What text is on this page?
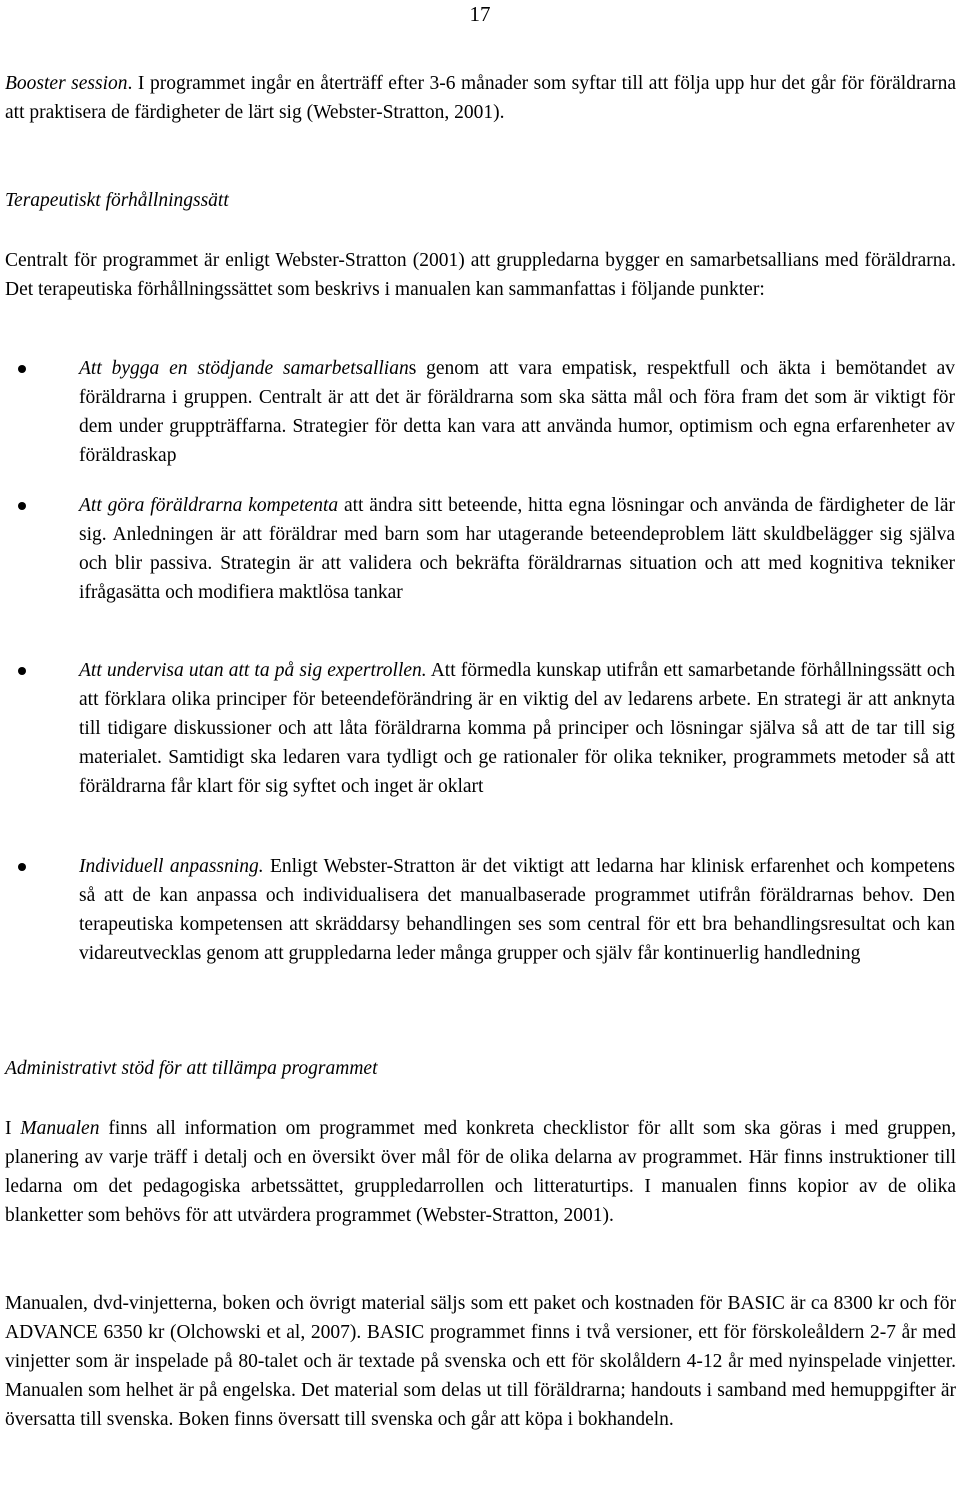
17

Booster session. I programmet ingår en återträff efter 3-6 månader som syftar till att följa upp hur det går för föräldrarna att praktisera de färdigheter de lärt sig (Webster-Stratton, 2001).

Terapeutiskt förhållningssätt

Centralt för programmet är enligt Webster-Stratton (2001) att gruppledarna bygger en samarbetsallians med föräldrarna. Det terapeutiska förhållningssättet som beskrivs i manualen kan sammanfattas i följande punkter:

Att bygga en stödjande samarbetsallians genom att vara empatisk, respektfull och äkta i bemötandet av föräldrarna i gruppen. Centralt är att det är föräldrarna som ska sätta mål och föra fram det som är viktigt för dem under gruppträffarna. Strategier för detta kan vara att använda humor, optimism och egna erfarenheter av föräldraskap
Att göra föräldrarna kompetenta att ändra sitt beteende, hitta egna lösningar och använda de färdigheter de lär sig. Anledningen är att föräldrar med barn som har utagerande beteendeproblem lätt skuldbelägger sig själva och blir passiva. Strategin är att validera och bekräfta föräldrarnas situation och att med kognitiva tekniker ifrågasätta och modifiera maktlösa tankar
Att undervisa utan att ta på sig expertrollen. Att förmedla kunskap utifrån ett samarbetande förhållningssätt och att förklara olika principer för beteendeförändring är en viktig del av ledarens arbete. En strategi är att anknyta till tidigare diskussioner och att låta föräldrarna komma på principer och lösningar själva så att de tar till sig materialet. Samtidigt ska ledaren vara tydligt och ge rationaler för olika tekniker, programmets metoder så att föräldrarna får klart för sig syftet och inget är oklart
Individuell anpassning. Enligt Webster-Stratton är det viktigt att ledarna har klinisk erfarenhet och kompetens så att de kan anpassa och individualisera det manualbaserade programmet utifrån föräldrarnas behov. Den terapeutiska kompetensen att skräddarsy behandlingen ses som central för ett bra behandlingsresultat och kan vidareutvecklas genom att gruppledarna leder många grupper och själv får kontinuerlig handledning

Administrativt stöd för att tillämpa programmet

I Manualen finns all information om programmet med konkreta checklistor för allt som ska göras i med gruppen, planering av varje träff i detalj och en översikt över mål för de olika delarna av programmet. Här finns instruktioner till ledarna om det pedagogiska arbetssättet, gruppledarrollen och litteraturtips. I manualen finns kopior av de olika blanketter som behövs för att utvärdera programmet (Webster-Stratton, 2001).

Manualen, dvd-vinjetterna, boken och övrigt material säljs som ett paket och kostnaden för BASIC är ca 8300 kr och för ADVANCE 6350 kr (Olchowski et al, 2007). BASIC programmet finns i två versioner, ett för förskoleåldern 2-7 år med vinjetter som är inspelade på 80-talet och är textade på svenska och ett för skolåldern 4-12 år med nyinspelade vinjetter. Manualen som helhet är på engelska. Det material som delas ut till föräldrarna; handouts i samband med hemuppgifter är översatta till svenska. Boken finns översatt till svenska och går att köpa i bokhandeln.
